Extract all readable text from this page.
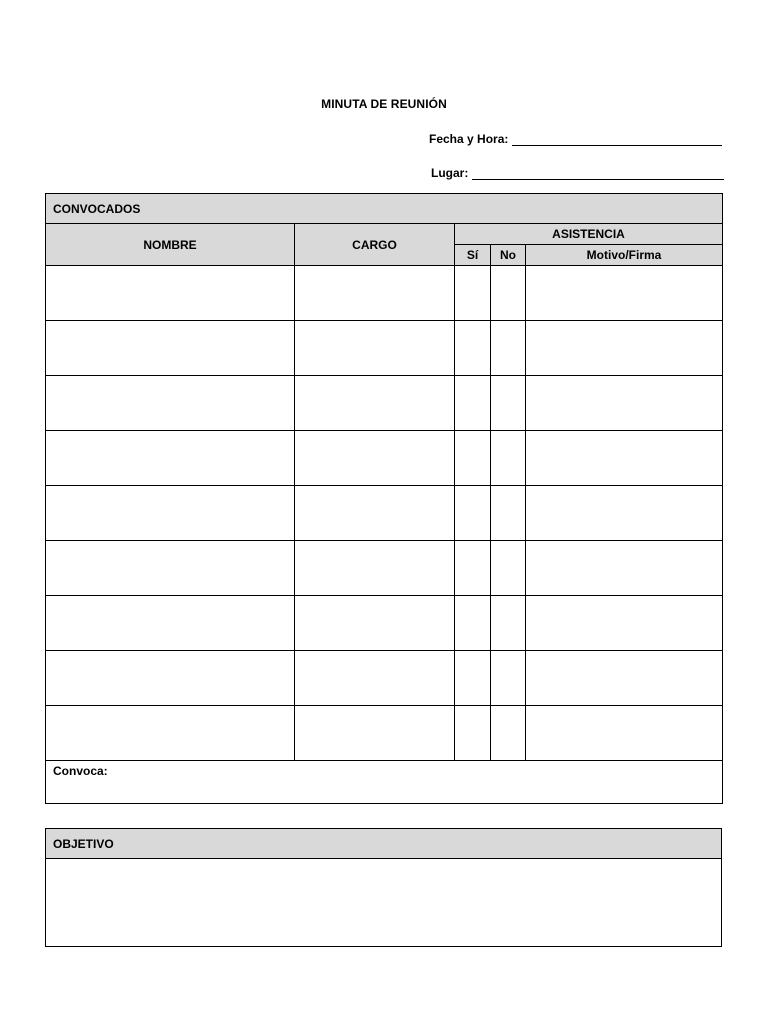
MINUTA DE REUNIÓN
Fecha y Hora:
Lugar:
CONVOCADOS				
NOMBRE	CARGO	ASISTENCIA		
		Sí	No	Motivo/Firma

Convoca:				
OBJETIVO
